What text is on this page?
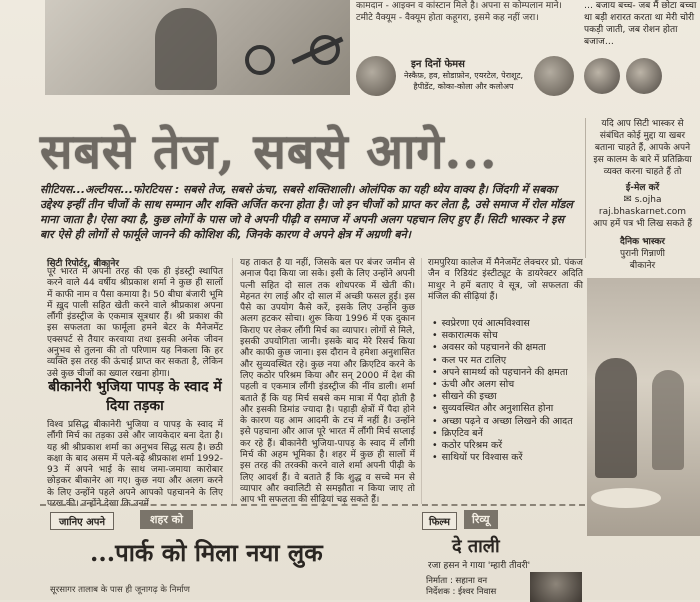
कामदान - आइक्न व कांस्टान मिले है। अपना स कोम्पलान माने। टमीटे वैक्यूम - वैक्यूम होता कहूगरा, इसमे कह नहीं जरा।
इन दिनों फेमस
नेस्कैफ़, हव, सोडाफ़ोन, एयरटेल, पेराशूट, हैपीडेंट, कोका-कोला और कलोअप
… बजाय बच्च- जब मैं छोटा बच्चा था बड़ी शरारत करता था मेरी चोरी पकड़ी जाती, जब रोशन होता बजाज…
सबसे तेज, सबसे आगे...
सीटियस...अल्टीयस...फोरटियस : सबसे तेज, सबसे ऊंचा, सबसे शक्तिशाली। ओलंपिक का यही ध्येय वाक्य है। जिंदगी में सबका उद्देश्य इन्हीं तीन चीजों के साथ सम्मान और शक्ति अर्जित करना होता है। जो इन चीजों को प्राप्त कर लेता है, उसे समाज में रोल मॉडल माना जाता है। ऐसा क्या है, कुछ लोगों के पास जो वे अपनी पीढ़ी व समाज में अपनी अलग पहचान लिए हुए हैं। सिटी भास्कर ने इस बार ऐसे ही लोगों से फार्मूले जानने की कोशिश की, जिनके कारण वे अपने क्षेत्र में अग्रणी बने।
यदि आप सिटी भास्कर से संबंधित कोई मुद्दा या खबर बताना चाहते हैं, आपके अपने इस कालम के बारे में प्रतिक्रिया व्यक्त करना चाहते हैं तो
ई-मेल करें
✉ s.ojha
raj.bhaskarnet.com
आप हमें पत्र भी लिख सकते हैं
दैनिक भास्कर
पुरानी गिन्नाणी
बीकानेर
सिटी रिपोर्टर, बीकानेर
पूरे भारत में अपनी तरह की एक ही इंडस्ट्री स्थापित करने वाले 44 वर्षीय श्रीप्रकाश शर्मा ने कुछ ही सालों में काफी नाम व पैसा कमाया है। 50 बीघा बंजारी भूमि में ख़ुद पाली सहित खेती करने वाले श्रीप्रकाश अपना लौंगी इंडस्ट्रीज के एकमात्र सूत्रधार हैं। श्री प्रकाश की इस सफलता का फार्मूला हमने बेटर के मैनेजमेंट एक्सपर्ट से तैयार करवाया तथा इसकी अनेक जीवन अनुभव से तुलना की तो परिणाम यह निकला कि हर व्यक्ति इस तरह की ऊंचाई प्राप्त कर सकता है, लेकिन उसे कुछ चीजों का ख्याल रखना होगा।
बीकानेरी भुजिया पापड़ के स्वाद में दिया तड़का
विश्व प्रसिद्ध बीकानेरी भुजिया व पापड़ के स्वाद में लौंगी मिर्च का तड़का उसे और जायकेदार बना देता है। यह श्री श्रीप्रकाश शर्मा का अनुभव सिद्ध सत्य है। छठी कक्षा के बाद असम में पले-बढ़े श्रीप्रकाश शर्मा 1992-93 में अपने भाई के साथ जमा-जमाया कारोबार छोड़कर बीकानेर आ गए। कुछ नया और अलग करने के लिए उन्होंने पहले अपने आपको पहचानने के लिए परख की। उन्होंने देखा कि उनमें
यह ताकत है या नहीं, जिसके बल पर बंजर जमीन से अनाज पैदा किया जा सके। इसी के लिए उन्होंने अपनी पत्नी सहित दो साल तक शोधपरक में खेती की। मेहनत रंग लाई और दो साल में अच्छी फसल हुई। इस पैसे का उपयोग कैसे करें, इसके लिए उन्होंने कुछ अलग हटकर सोचा। शुरू किया 1996 में एक दुकान किराए पर लेकर लौंगी मिर्च का व्यापार। लोगों से मिले, इसकी उपयोगिता जानी। इसके बाद मेरे रिसर्च किया और काफी कुछ जाना। इस दौरान वे हमेशा अनुशासित और सुव्यवस्थित रहे। कुछ नया और क्रिएटिव करने के लिए कठोर परिश्रम किया और सन् 2000 में देश की पहली व एकमात्र लौंगी इंडस्ट्रीज की नींव डाली। शर्मा बताते हैं कि यह मिर्च सबसे कम मात्रा में पैदा होती है और इसकी डिमांड ज्यादा है। पहाड़ी क्षेत्रों में पैदा होने के कारण यह आम आदमी के टच में नहीं है। उन्होंने इसे पहचाना और आज पूरे भारत में लौंगी मिर्च सप्लाई कर रहे हैं। बीकानेरी भुजिया-पापड़ के स्वाद में लौंगी मिर्च की अहम भूमिका है। शहर में कुछ ही सालों में इस तरह की तरक्की करने वाले शर्मा अपनी पीढ़ी के लिए आदर्श हैं। वे बताते हैं कि शुद्ध व सच्चे मन से व्यापार और क्वालिटी से समझौता न किया जाए तो आप भी सफलता की सीढ़ियां चढ़ सकते हैं।
रामपुरिया कालेज में मैनेजमेंट लेक्चरर प्रो. पंकज जैन व रिडियंट इंस्टीट्यूट के डायरेक्टर अदिति माथुर ने हमें बताए वे सूत्र, जो सफलता की मंजिल की सीढ़ियां हैं।
• स्वप्रेरणा एवं आत्मविश्वास
• सकारात्मक सोच
• अवसर को पहचानने की क्षमता
• कल पर मत टालिए
• अपने सामर्थ्य को पहचानने की क्षमता
• ऊंची और अलग सोच
• सीखने की इच्छा
• सुव्यवस्थित और अनुशासित होना
• अच्छा पढ़ने व अच्छा लिखने की आदत
• क्रिएटिव बनें
• कठोर परिश्रम करें
• साथियों पर विश्वास करें
जानिए अपने	शहर को
...पार्क को मिला नया लुक
सूरसागर तालाब के पास ही जूनागढ़ के निर्माण
फिल्म	रिव्यू
दे ताली
रजा हसन ने गाया 'म्हारी तीवरी'
निर्माता : सहाना वन
निर्देशक : ईश्वर निवास
